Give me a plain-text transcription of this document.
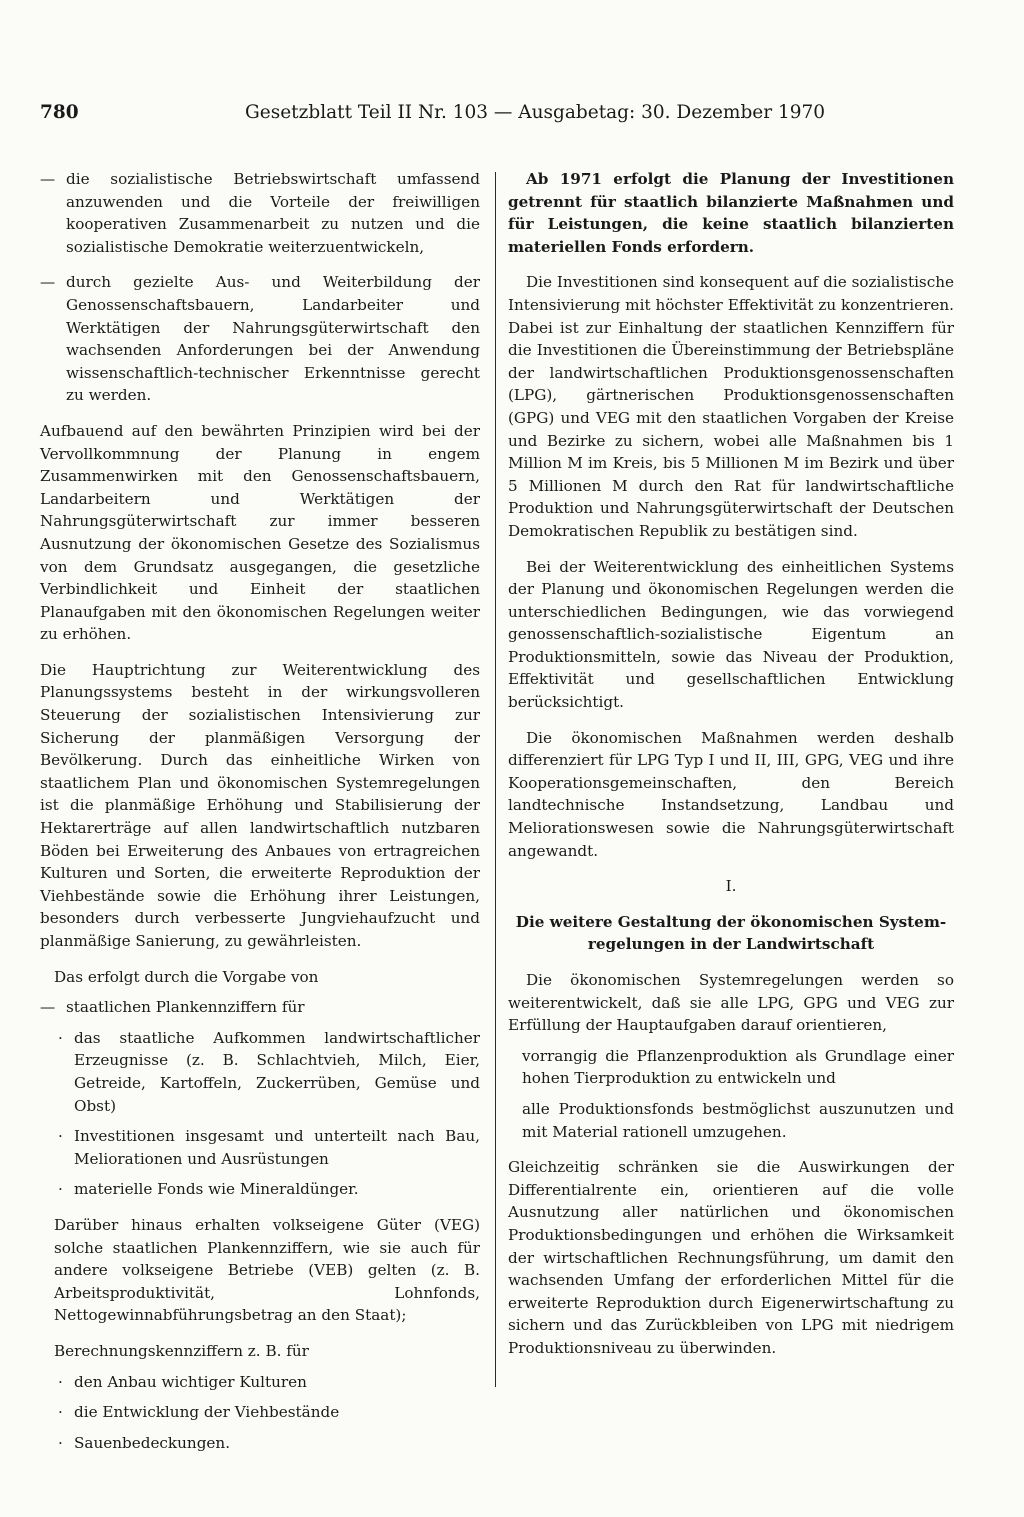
780	Gesetzblatt Teil II Nr. 103 — Ausgabetag: 30. Dezember 1970
— die sozialistische Betriebswirtschaft umfassend anzuwenden und die Vorteile der freiwilligen kooperativen Zusammenarbeit zu nutzen und die sozialistische Demokratie weiterzuentwickeln,
— durch gezielte Aus- und Weiterbildung der Genossenschaftsbauern, Landarbeiter und Werktätigen der Nahrungsgüterwirtschaft den wachsenden Anforderungen bei der Anwendung wissenschaftlich-technischer Erkenntnisse gerecht zu werden.

Aufbauend auf den bewährten Prinzipien wird bei der Vervollkommnung der Planung in engem Zusammenwirken mit den Genossenschaftsbauern, Landarbeitern und Werktätigen der Nahrungsgüterwirtschaft zur immer besseren Ausnutzung der ökonomischen Gesetze des Sozialismus von dem Grundsatz ausgegangen, die gesetzliche Verbindlichkeit und Einheit der staatlichen Planaufgaben mit den ökonomischen Regelungen weiter zu erhöhen.

Die Hauptrichtung zur Weiterentwicklung des Planungssystems besteht in der wirkungsvolleren Steuerung der sozialistischen Intensivierung zur Sicherung der planmäßigen Versorgung der Bevölkerung. Durch das einheitliche Wirken von staatlichem Plan und ökonomischen Systemregelungen ist die planmäßige Erhöhung und Stabilisierung der Hektarerträge auf allen landwirtschaftlich nutzbaren Böden bei Erweiterung des Anbaues von ertragreichen Kulturen und Sorten, die erweiterte Reproduktion der Viehbestände sowie die Erhöhung ihrer Leistungen, besonders durch verbesserte Jungviehaufzucht und planmäßige Sanierung, zu gewährleisten.

Das erfolgt durch die Vorgabe von

— staatlichen Plankennziffern für
· das staatliche Aufkommen landwirtschaftlicher Erzeugnisse (z. B. Schlachtvieh, Milch, Eier, Getreide, Kartoffeln, Zuckerrüben, Gemüse und Obst)
· Investitionen insgesamt und unterteilt nach Bau, Meliorationen und Ausrüstungen
· materielle Fonds wie Mineraldünger.

Darüber hinaus erhalten volkseigene Güter (VEG) solche staatlichen Plankennziffern, wie sie auch für andere volkseigene Betriebe (VEB) gelten (z. B. Arbeitsproduktivität, Lohnfonds, Nettogewinnabführungsbetrag an den Staat);

Berechnungskennziffern z. B. für

· den Anbau wichtiger Kulturen
· die Entwicklung der Viehbestände
· Sauenbedeckungen.

Ab 1971 erfolgt die Planung der Investitionen getrennt für staatlich bilanzierte Maßnahmen und für Leistungen, die keine staatlich bilanzierten materiellen Fonds erfordern.

Die Investitionen sind konsequent auf die sozialistische Intensivierung mit höchster Effektivität zu konzentrieren. Dabei ist zur Einhaltung der staatlichen Kennziffern für die Investitionen die Übereinstimmung der Betriebspläne der landwirtschaftlichen Produktionsgenossenschaften (LPG), gärtnerischen Produktionsgenossenschaften (GPG) und VEG mit den staatlichen Vorgaben der Kreise und Bezirke zu sichern, wobei alle Maßnahmen bis 1 Million M im Kreis, bis 5 Millionen M im Bezirk und über 5 Millionen M durch den Rat für landwirtschaftliche Produktion und Nahrungsgüterwirtschaft der Deutschen Demokratischen Republik zu bestätigen sind.

Bei der Weiterentwicklung des einheitlichen Systems der Planung und ökonomischen Regelungen werden die unterschiedlichen Bedingungen, wie das vorwiegend genossenschaftlich-sozialistische Eigentum an Produktionsmitteln, sowie das Niveau der Produktion, Effektivität und gesellschaftlichen Entwicklung berücksichtigt.

Die ökonomischen Maßnahmen werden deshalb differenziert für LPG Typ I und II, III, GPG, VEG und ihre Kooperationsgemeinschaften, den Bereich landtechnische Instandsetzung, Landbau und Meliorationswesen sowie die Nahrungsgüterwirtschaft angewandt.

I.

Die weitere Gestaltung der ökonomischen System-
regelungen in der Landwirtschaft

Die ökonomischen Systemregelungen werden so weiterentwickelt, daß sie alle LPG, GPG und VEG zur Erfüllung der Hauptaufgaben darauf orientieren,

vorrangig die Pflanzenproduktion als Grundlage einer hohen Tierproduktion zu entwickeln und

alle Produktionsfonds bestmöglichst auszunutzen und mit Material rationell umzugehen.

Gleichzeitig schränken sie die Auswirkungen der Differentialrente ein, orientieren auf die volle Ausnutzung aller natürlichen und ökonomischen Produktionsbedingungen und erhöhen die Wirksamkeit der wirtschaftlichen Rechnungsführung, um damit den wachsenden Umfang der erforderlichen Mittel für die erweiterte Reproduktion durch Eigenerwirtschaftung zu sichern und das Zurückbleiben von LPG mit niedrigem Produktionsniveau zu überwinden.
